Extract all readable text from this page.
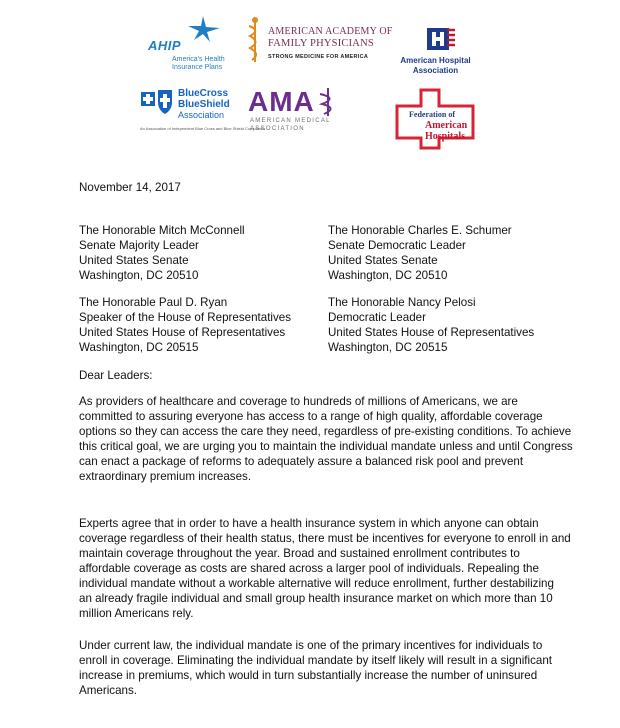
AHIP
America's Health
Insurance Plans
AMERICAN ACADEMY OF
FAMILY PHYSICIANS
STRONG MEDICINE FOR AMERICA	American Hospital
Association
BlueCross
BlueShield
Association
An Association of Independent Blue Cross and Blue Shield Companies
AMA
AMERICAN MEDICAL
ASSOCIATION
Federation of
American
Hospitals

November 14, 2017

The Honorable Mitch McConnell
Senate Majority Leader
United States Senate
Washington, DC 20510
The Honorable Charles E. Schumer
Senate Democratic Leader
United States Senate
Washington, DC 20510
The Honorable Paul D. Ryan
Speaker of the House of Representatives
United States House of Representatives
Washington, DC 20515
The Honorable Nancy Pelosi
Democratic Leader
United States House of Representatives
Washington, DC 20515

Dear Leaders:

As providers of healthcare and coverage to hundreds of millions of Americans, we are
committed to assuring everyone has access to a range of high quality, affordable coverage
options so they can access the care they need, regardless of pre-existing conditions. To achieve
this critical goal, we are urging you to maintain the individual mandate unless and until Congress
can enact a package of reforms to adequately assure a balanced risk pool and prevent
extraordinary premium increases.
Experts agree that in order to have a health insurance system in which anyone can obtain
coverage regardless of their health status, there must be incentives for everyone to enroll in and
maintain coverage throughout the year. Broad and sustained enrollment contributes to
affordable coverage as costs are shared across a larger pool of individuals. Repealing the
individual mandate without a workable alternative will reduce enrollment, further destabilizing
an already fragile individual and small group health insurance market on which more than 10
million Americans rely.
Under current law, the individual mandate is one of the primary incentives for individuals to
enroll in coverage. Eliminating the individual mandate by itself likely will result in a significant
increase in premiums, which would in turn substantially increase the number of uninsured
Americans.
